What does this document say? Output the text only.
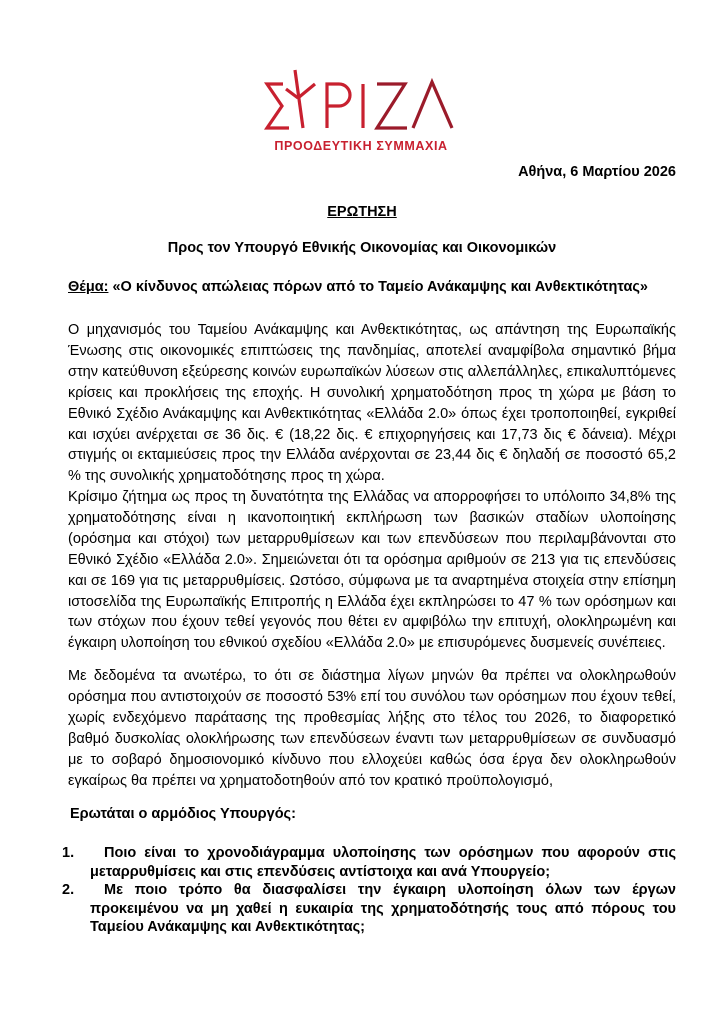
ΠΡΟΟΔΕΥΤΙΚΗ ΣΥΜΜΑΧΙΑ
Αθήνα, 6 Μαρτίου 2026
ΕΡΩΤΗΣΗ
Προς τον Υπουργό Εθνικής Οικονομίας και Οικονομικών
Θέμα: «Ο κίνδυνος απώλειας πόρων από το Ταμείο Ανάκαμψης και Ανθεκτικότητας»
Ο μηχανισμός του Ταμείου Ανάκαμψης και Ανθεκτικότητας, ως απάντηση της Ευρωπαϊκής Ένωσης στις οικονομικές επιπτώσεις της πανδημίας, αποτελεί αναμφίβολα σημαντικό βήμα στην κατεύθυνση εξεύρεσης κοινών ευρωπαϊκών λύσεων στις αλλεπάλληλες, επικαλυπτόμενες κρίσεις και προκλήσεις της εποχής. Η συνολική χρηματοδότηση προς τη χώρα με βάση το Εθνικό Σχέδιο Ανάκαμψης και Ανθεκτικότητας «Ελλάδα 2.0» όπως έχει τροποποιηθεί, εγκριθεί και ισχύει ανέρχεται σε 36 δις. € (18,22 δις. € επιχορηγήσεις και 17,73 δις € δάνεια). Μέχρι στιγμής οι εκταμιεύσεις προς την Ελλάδα ανέρχονται σε 23,44 δις € δηλαδή σε ποσοστό 65,2 % της συνολικής χρηματοδότησης προς τη χώρα.
Κρίσιμο ζήτημα ως προς τη δυνατότητα της Ελλάδας να απορροφήσει το υπόλοιπο 34,8% της χρηματοδότησης είναι η ικανοποιητική εκπλήρωση των βασικών σταδίων υλοποίησης (ορόσημα και στόχοι) των μεταρρυθμίσεων και των επενδύσεων που περιλαμβάνονται στο Εθνικό Σχέδιο «Ελλάδα 2.0». Σημειώνεται ότι τα ορόσημα αριθμούν σε 213 για τις επενδύσεις και σε 169 για τις μεταρρυθμίσεις. Ωστόσο, σύμφωνα με τα αναρτημένα στοιχεία στην επίσημη ιστοσελίδα της Ευρωπαϊκής Επιτροπής η Ελλάδα έχει εκπληρώσει το 47 % των ορόσημων και των στόχων που έχουν τεθεί γεγονός που θέτει εν αμφιβόλω την επιτυχή, ολοκληρωμένη και έγκαιρη υλοποίηση του εθνικού σχεδίου «Ελλάδα 2.0» με επισυρόμενες δυσμενείς συνέπειες.
Με δεδομένα τα ανωτέρω, το ότι σε διάστημα λίγων μηνών θα πρέπει να ολοκληρωθούν ορόσημα που αντιστοιχούν σε ποσοστό 53% επί του συνόλου των ορόσημων που έχουν τεθεί, χωρίς ενδεχόμενο παράτασης της προθεσμίας λήξης στο τέλος του 2026, το διαφορετικό βαθμό δυσκολίας ολοκλήρωσης των επενδύσεων έναντι των μεταρρυθμίσεων σε συνδυασμό με το σοβαρό δημοσιονομικό κίνδυνο που ελλοχεύει καθώς όσα έργα δεν ολοκληρωθούν εγκαίρως θα πρέπει να χρηματοδοτηθούν από τον κρατικό προϋπολογισμό,
Ερωτάται ο αρμόδιος Υπουργός:
1.	Ποιο είναι το χρονοδιάγραμμα υλοποίησης των ορόσημων που αφορούν στις μεταρρυθμίσεις και στις επενδύσεις αντίστοιχα και ανά Υπουργείο;
2.	Με ποιο τρόπο θα διασφαλίσει την έγκαιρη υλοποίηση όλων των έργων προκειμένου να μη χαθεί η ευκαιρία της χρηματοδότησής τους από πόρους του Ταμείου Ανάκαμψης και Ανθεκτικότητας;
